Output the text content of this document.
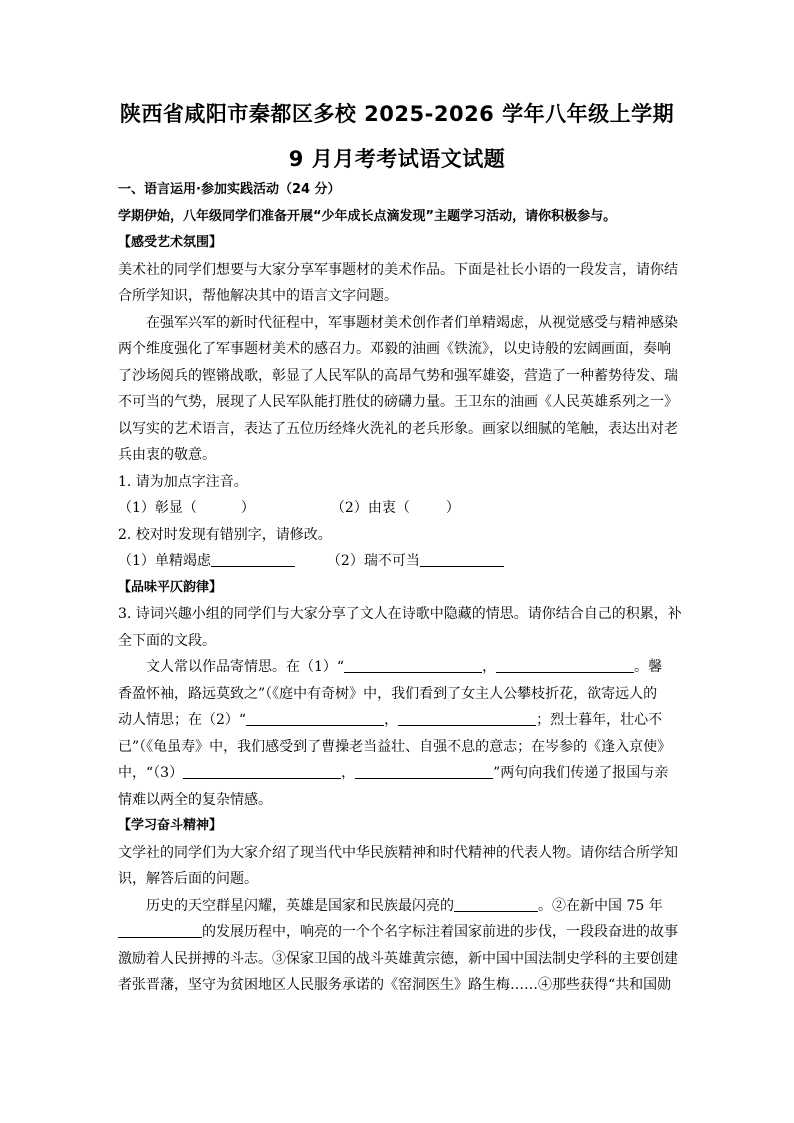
陕西省咸阳市秦都区多校 2025-2026 学年八年级上学期
9 月月考考试语文试题
一、语言运用·参加实践活动（24 分）
学期伊始，八年级同学们准备开展“少年成长点滴发现”主题学习活动，请你积极参与。
【感受艺术氛围】
美术社的同学们想要与大家分享军事题材的美术作品。下面是社长小语的一段发言，请你结
合所学知识，帮他解决其中的语言文字问题。
在强军兴军的新时代征程中，军事题材美术创作者们单精竭虑，从视觉感受与精神感染
两个维度强化了军事题材美术的感召力。邓毅的油画《铁流》，以史诗般的宏阔画面，奏响
了沙场阅兵的铿锵战歌，彰显了人民军队的高昂气势和强军雄姿，营造了一种蓄势待发、瑞
不可当的气势，展现了人民军队能打胜仗的磅礴力量。王卫东的油画《人民英雄系列之一》
以写实的艺术语言，表达了五位历经烽火洗礼的老兵形象。画家以细腻的笔触，表达出对老
兵由衷的敬意。
1. 请为加点字注音。
（1）彰显（	）	（2）由衷（	）
2. 校对时发现有错别字，请修改。
（1）单精竭虑	（2）瑞不可当
【品味平仄韵律】
3. 诗词兴趣小组的同学们与大家分享了文人在诗歌中隐藏的情思。请你结合自己的积累，补
全下面的文段。
文人常以作品寄情思。在（1）“	，	。馨
香盈怀袖，路远莫致之”（《庭中有奇树》中，我们看到了女主人公攀枝折花，欲寄远人的
动人情思；在（2）“	，	；烈士暮年，壮心不
已”（《龟虽寿》中，我们感受到了曹操老当益壮、自强不息的意志；在岑参的《逢入京使》
中，“（3）	，	”两句向我们传递了报国与亲
情难以两全的复杂情感。
【学习奋斗精神】
文学社的同学们为大家介绍了现当代中华民族精神和时代精神的代表人物。请你结合所学知
识，解答后面的问题。
历史的天空群星闪耀，英雄是国家和民族最闪亮的	。②在新中国 75 年
的发展历程中，响亮的一个个名字标注着国家前进的步伐，一段段奋进的故事
激励着人民拼搏的斗志。③保家卫国的战斗英雄黄宗德，新中国中国法制史学科的主要创建
者张晋藩，坚守为贫困地区人民服务承诺的《窑洞医生》路生梅……④那些获得“共和国勋
